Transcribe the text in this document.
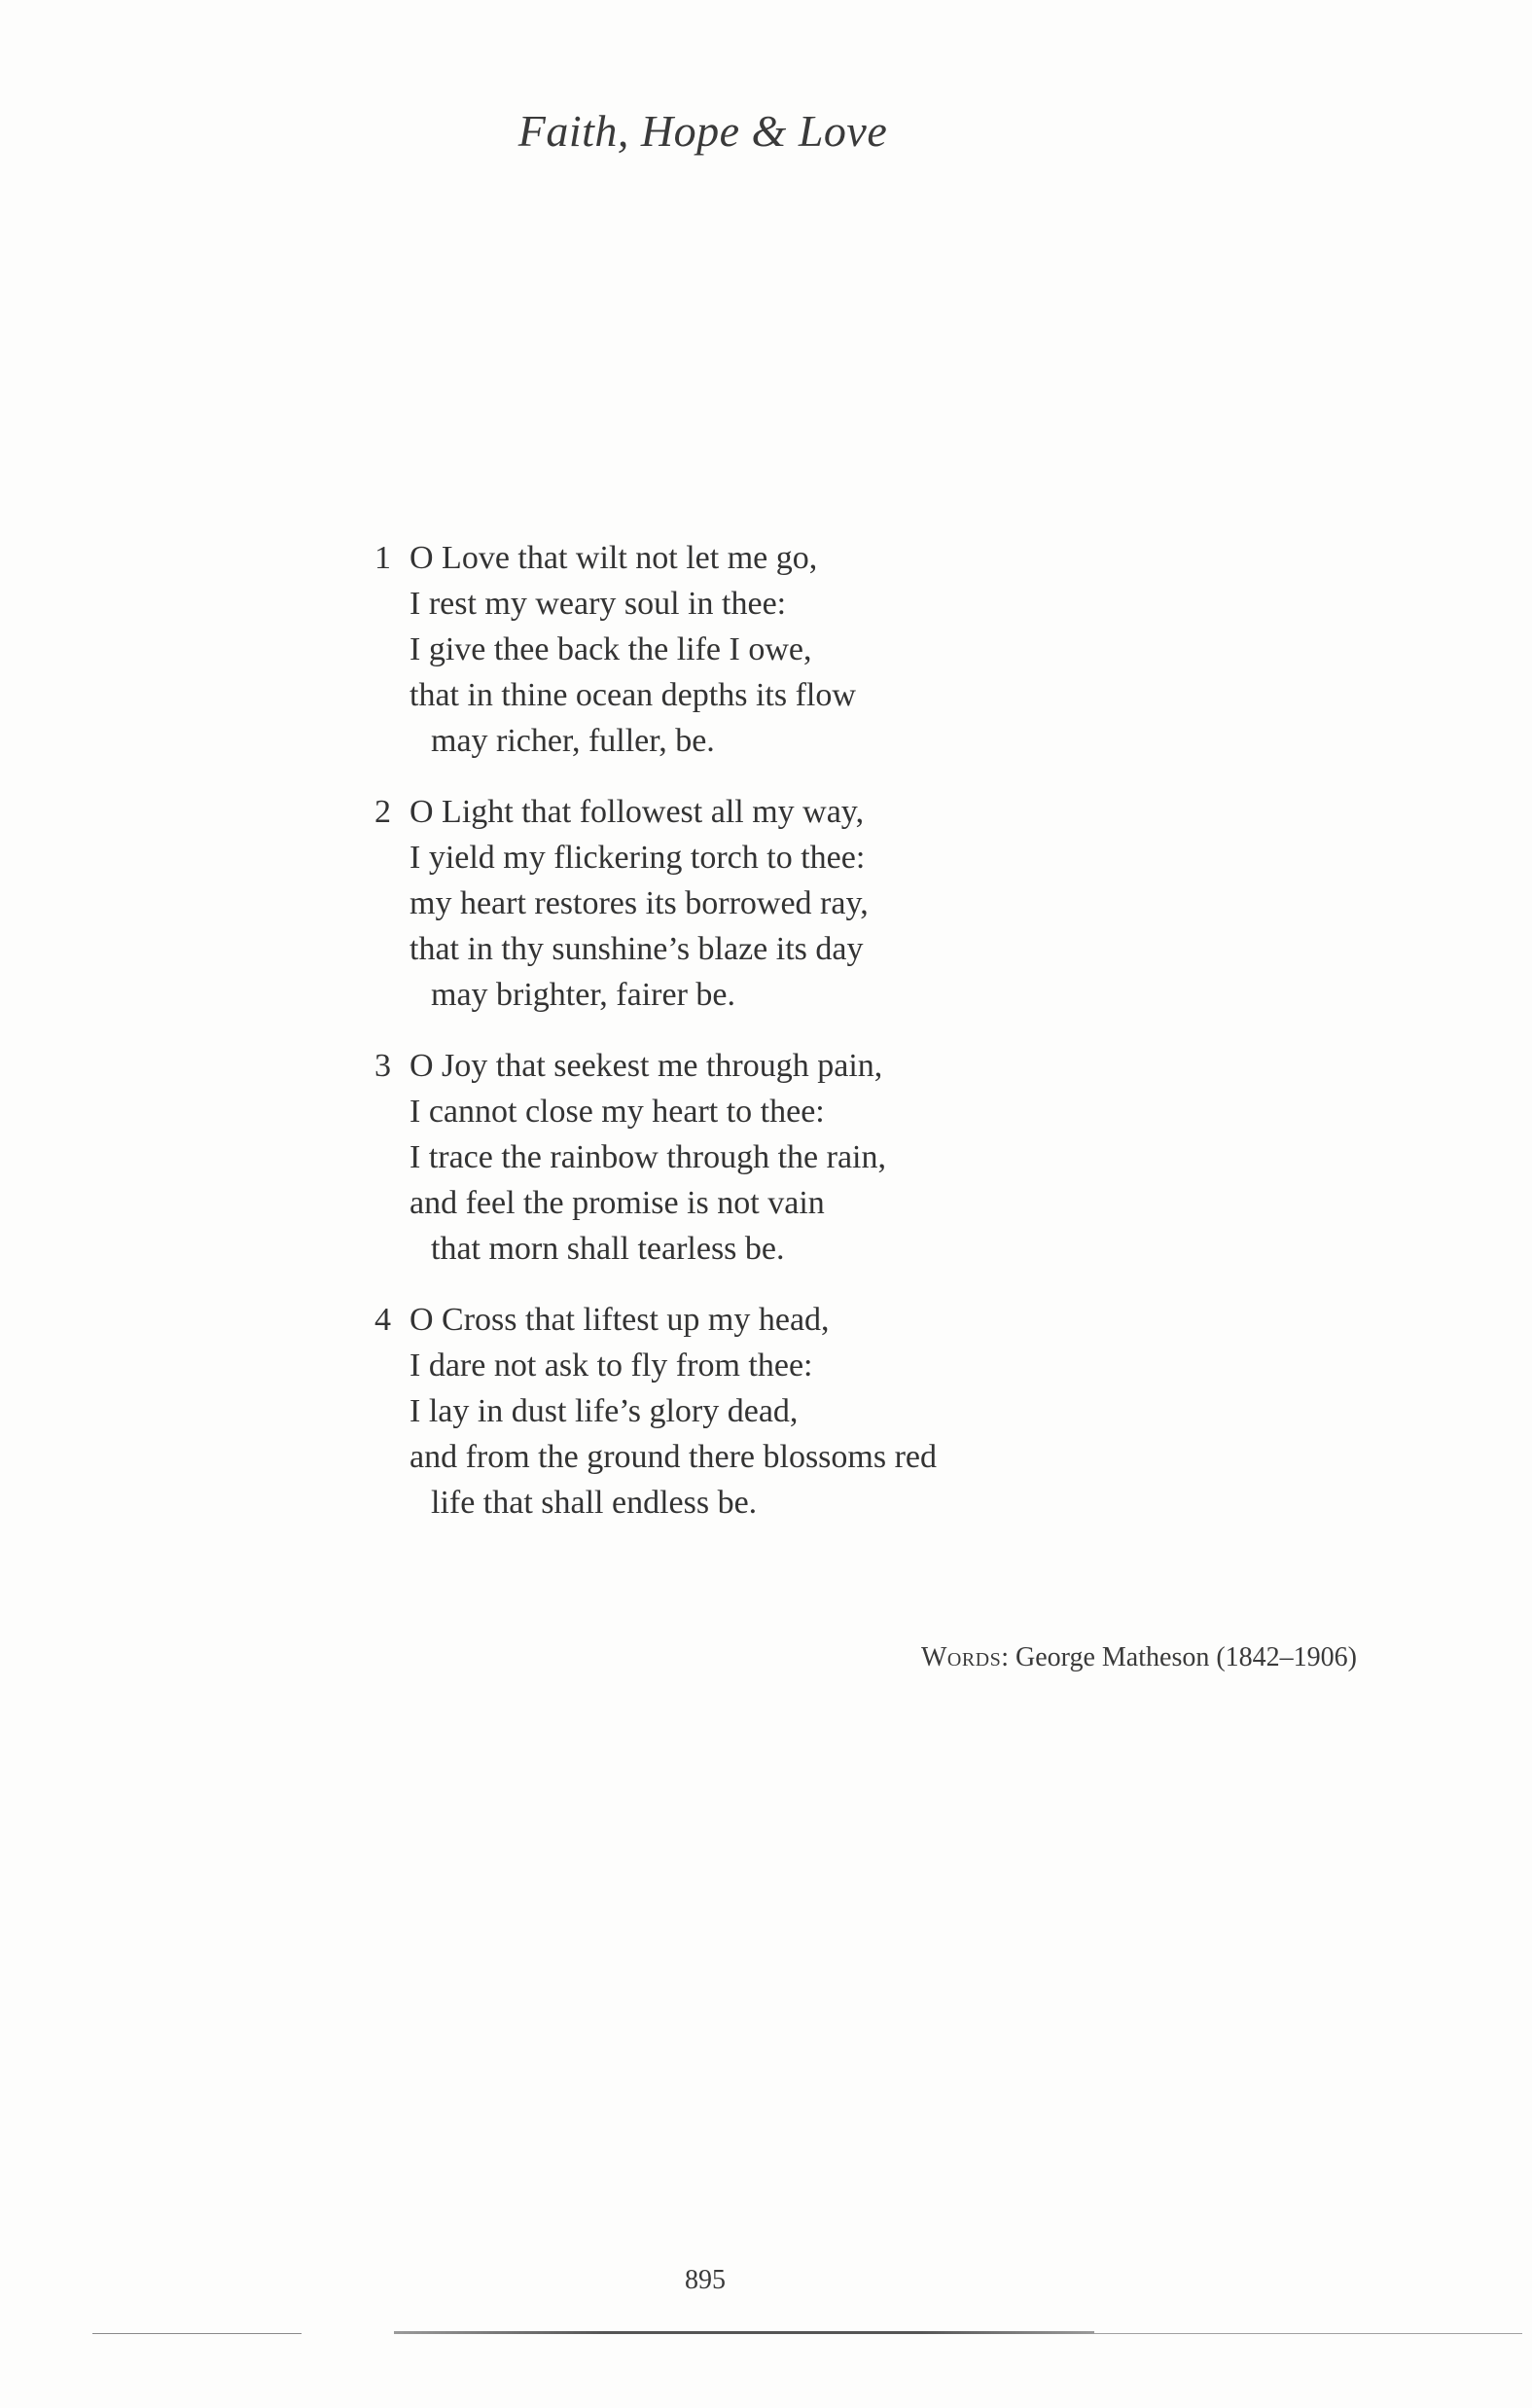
Faith, Hope & Love
1 O Love that wilt not let me go,
I rest my weary soul in thee:
I give thee back the life I owe,
that in thine ocean depths its flow
may richer, fuller, be.
2 O Light that followest all my way,
I yield my flickering torch to thee:
my heart restores its borrowed ray,
that in thy sunshine’s blaze its day
may brighter, fairer be.
3 O Joy that seekest me through pain,
I cannot close my heart to thee:
I trace the rainbow through the rain,
and feel the promise is not vain
that morn shall tearless be.
4 O Cross that liftest up my head,
I dare not ask to fly from thee:
I lay in dust life’s glory dead,
and from the ground there blossoms red
life that shall endless be.
Words: George Matheson (1842–1906)
895
